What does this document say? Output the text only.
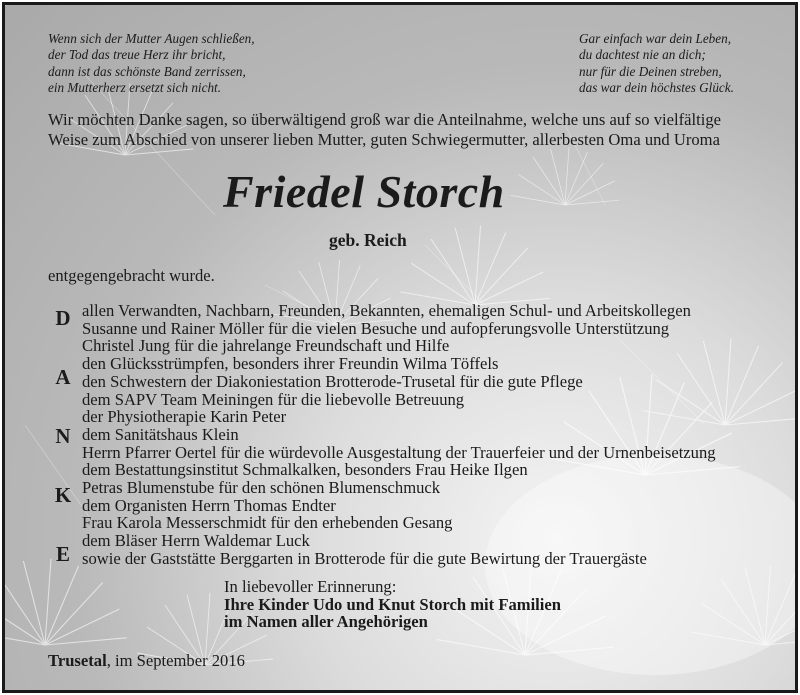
Wenn sich der Mutter Augen schließen,
der Tod das treue Herz ihr bricht,
dann ist das schönste Band zerrissen,
ein Mutterherz ersetzt sich nicht.
Gar einfach war dein Leben,
du dachtest nie an dich;
nur für die Deinen streben,
das war dein höchstes Glück.
Wir möchten Danke sagen, so überwältigend groß war die Anteilnahme, welche uns auf so vielfältige
Weise zum Abschied von unserer lieben Mutter, guten Schwiegermutter, allerbesten Oma und Uroma
Friedel Storch
geb. Reich
entgegengebracht wurde.
D
A
N
K
E
allen Verwandten, Nachbarn, Freunden, Bekannten, ehemaligen Schul- und Arbeitskollegen
Susanne und Rainer Möller für die vielen Besuche und aufopferungsvolle Unterstützung
Christel Jung für die jahrelange Freundschaft und Hilfe
den Glücksstrümpfen, besonders ihrer Freundin Wilma Töffels
den Schwestern der Diakoniestation Brotterode-Trusetal für die gute Pflege
dem SAPV Team Meiningen für die liebevolle Betreuung
der Physiotherapie Karin Peter
dem Sanitätshaus Klein
Herrn Pfarrer Oertel für die würdevolle Ausgestaltung der Trauerfeier und der Urnenbeisetzung
dem Bestattungsinstitut Schmalkalken, besonders Frau Heike Ilgen
Petras Blumenstube für den schönen Blumenschmuck
dem Organisten Herrn Thomas Endter
Frau Karola Messerschmidt für den erhebenden Gesang
dem Bläser Herrn Waldemar Luck
sowie der Gaststätte Berggarten in Brotterode für die gute Bewirtung der Trauergäste
In liebevoller Erinnerung:
Ihre Kinder Udo und Knut Storch mit Familien
im Namen aller Angehörigen
Trusetal, im September 2016
